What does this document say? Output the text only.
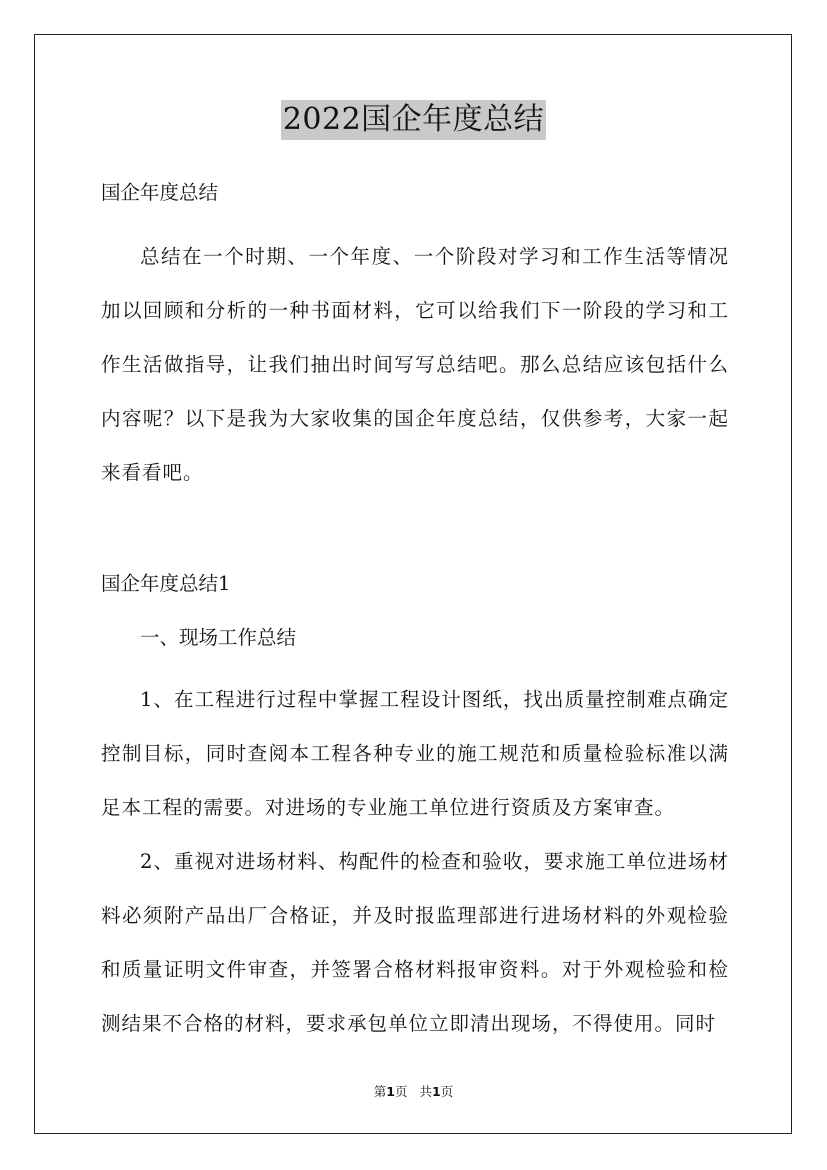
2022国企年度总结

国企年度总结

总结在一个时期、一个年度、一个阶段对学习和工作生活等情况加以回顾和分析的一种书面材料，它可以给我们下一阶段的学习和工作生活做指导，让我们抽出时间写写总结吧。那么总结应该包括什么内容呢？以下是我为大家收集的国企年度总结，仅供参考，大家一起来看看吧。

国企年度总结1

一、现场工作总结

1、在工程进行过程中掌握工程设计图纸，找出质量控制难点确定控制目标，同时查阅本工程各种专业的施工规范和质量检验标准以满足本工程的需要。对进场的专业施工单位进行资质及方案审查。

2、重视对进场材料、构配件的检查和验收，要求施工单位进场材料必须附产品出厂合格证，并及时报监理部进行进场材料的外观检验和质量证明文件审查，并签署合格材料报审资料。对于外观检验和检测结果不合格的材料，要求承包单位立即清出现场，不得使用。同时

第1页 共1页
